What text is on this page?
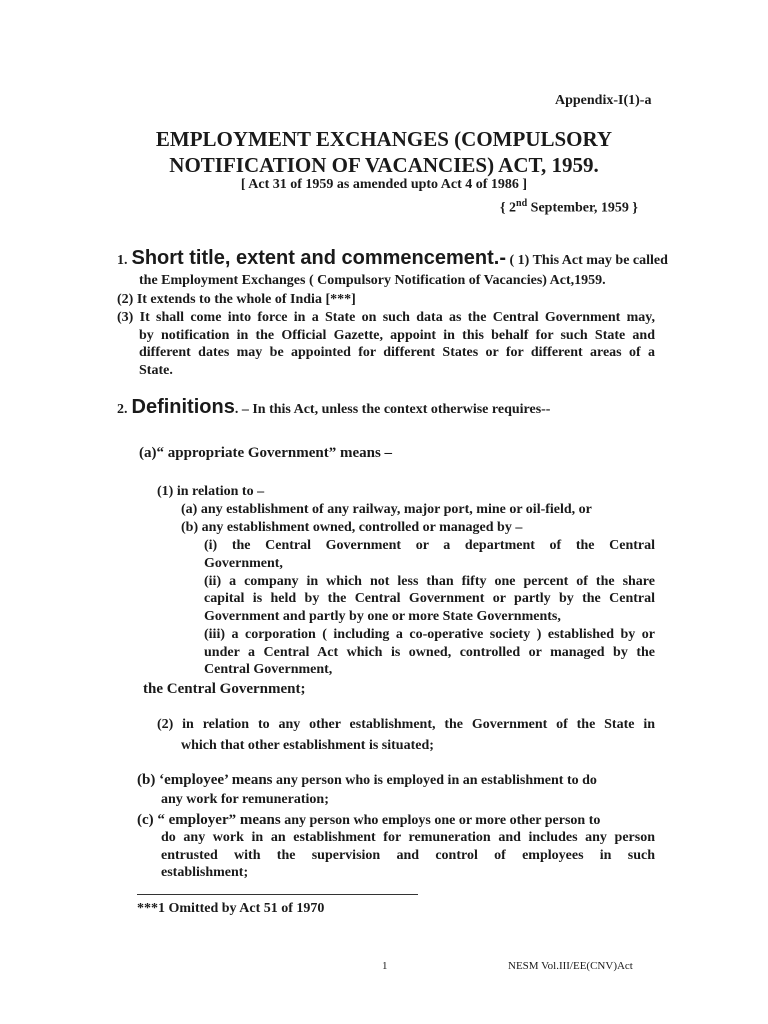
Appendix-I(1)-a
EMPLOYMENT EXCHANGES (COMPULSORY
NOTIFICATION OF VACANCIES) ACT, 1959.
[ Act 31 of 1959 as amended upto Act 4 of 1986 ]
{ 2nd September, 1959 }
1. Short title, extent and commencement.- ( 1) This Act may be called
the Employment Exchanges ( Compulsory Notification of Vacancies) Act,1959.
(2) It extends to the whole of India [***]
(3) It shall come into force in a State on such data as the Central Government may,
by notification in the Official Gazette, appoint in this behalf for such State and
different dates may be appointed for different States or for different areas of a
State.
2. Definitions. – In this Act, unless the context otherwise requires--
(a)“ appropriate Government” means –
(1) in relation to –
(a) any establishment of any railway, major port, mine or oil-field, or
(b) any establishment owned, controlled or managed by –
(i) the Central Government or a department of the Central
Government,
(ii) a company in which not less than fifty one percent of the share
capital is held by the Central Government or partly by the Central
Government and partly by one or more State Governments,
(iii) a corporation ( including a co-operative society ) established by or
under a Central Act which is owned, controlled or managed by the
Central Government,
the Central Government;
(2) in relation to any other establishment, the Government of the State in
which that other establishment is situated;
(b) ‘employee’ means any person who is employed in an establishment to do
any work for remuneration;
(c) “ employer” means any person who employs one or more other person to
do any work in an establishment for remuneration and includes any person
entrusted with the supervision and control of employees in such
establishment;
***1 Omitted by Act 51 of 1970
1	NESM Vol.III/EE(CNV)Act
